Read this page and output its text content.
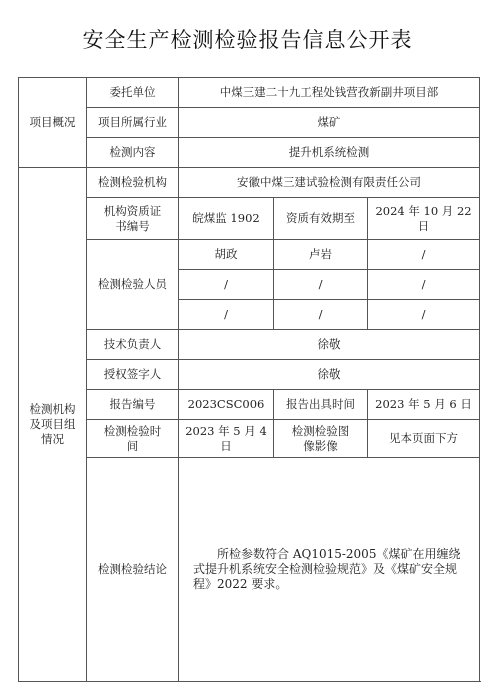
安全生产检测检验报告信息公开表
项目概况	委托单位	中煤三建二十九工程处钱营孜新副井项目部		
	项目所属行业	煤矿		
	检测内容	提升机系统检测		
检测机构及项目组情况	检测检验机构	安徽中煤三建试验检测有限责任公司		
	机构资质证书编号	皖煤监 1902	资质有效期至	2024 年 10 月 22 日
	检测检验人员	胡政	卢岩	/
		/	/	/
		/	/	/
	技术负责人	徐敬		
	授权签字人	徐敬		
	报告编号	2023CSC006	报告出具时间	2023 年 5 月 6 日
	检测检验时间	2023 年 5 月 4 日	检测检验图像影像	见本页面下方
	检测检验结论	所检参数符合 AQ1015-2005《煤矿在用缠绕式提升机系统安全检测检验规范》及《煤矿安全规程》2022 要求。		
